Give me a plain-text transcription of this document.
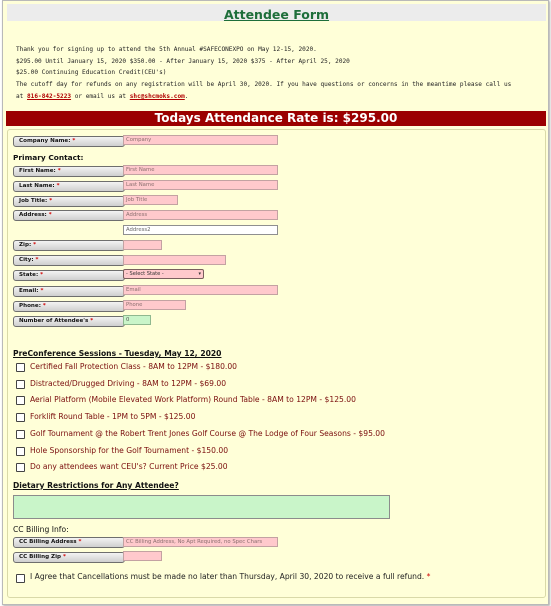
Attendee Form

Thank you for signing up to attend the 5th Annual #SAFECONEXPO on May 12-15, 2020.

$295.00 Until January 15, 2020 $350.00 - After January 15, 2020 $375 - After April 25, 2020

$25.00 Continuing Education Credit(CEU's)

The cutoff day for refunds on any registration will be April 30, 2020. If you have questions or concerns in the meantime please call us

at 816-842-5223 or email us at shc@shcmoks.com.

Todays Attendance Rate is: $295.00
Company Name: *	Company
Primary Contact:
First Name: *	First Name
Last Name: *	Last Name
Job Title: *	Job Title
Address: *	Address
Address2
Zip: *
City: *
State: *	- Select State -	▾
Email: *	Email
Phone: *	Phone
Number of Attendee's *	0
PreConference Sessions - Tuesday, May 12, 2020
Certified Fall Protection Class - 8AM to 12PM - $180.00
Distracted/Drugged Driving - 8AM to 12PM - $69.00
Aerial Platform (Mobile Elevated Work Platform) Round Table - 8AM to 12PM - $125.00
Forklift Round Table - 1PM to 5PM - $125.00
Golf Tournament @ the Robert Trent Jones Golf Course @ The Lodge of Four Seasons - $95.00
Hole Sponsorship for the Golf Tournament - $150.00
Do any attendees want CEU's? Current Price $25.00
Dietary Restrictions for Any Attendee?
CC Billing Info:
CC Billing Address *	CC Billing Address, No Apt Required, no Spec Chars
CC Billing Zip *
I Agree that Cancellations must be made no later than Thursday, April 30, 2020 to receive a full refund. *
